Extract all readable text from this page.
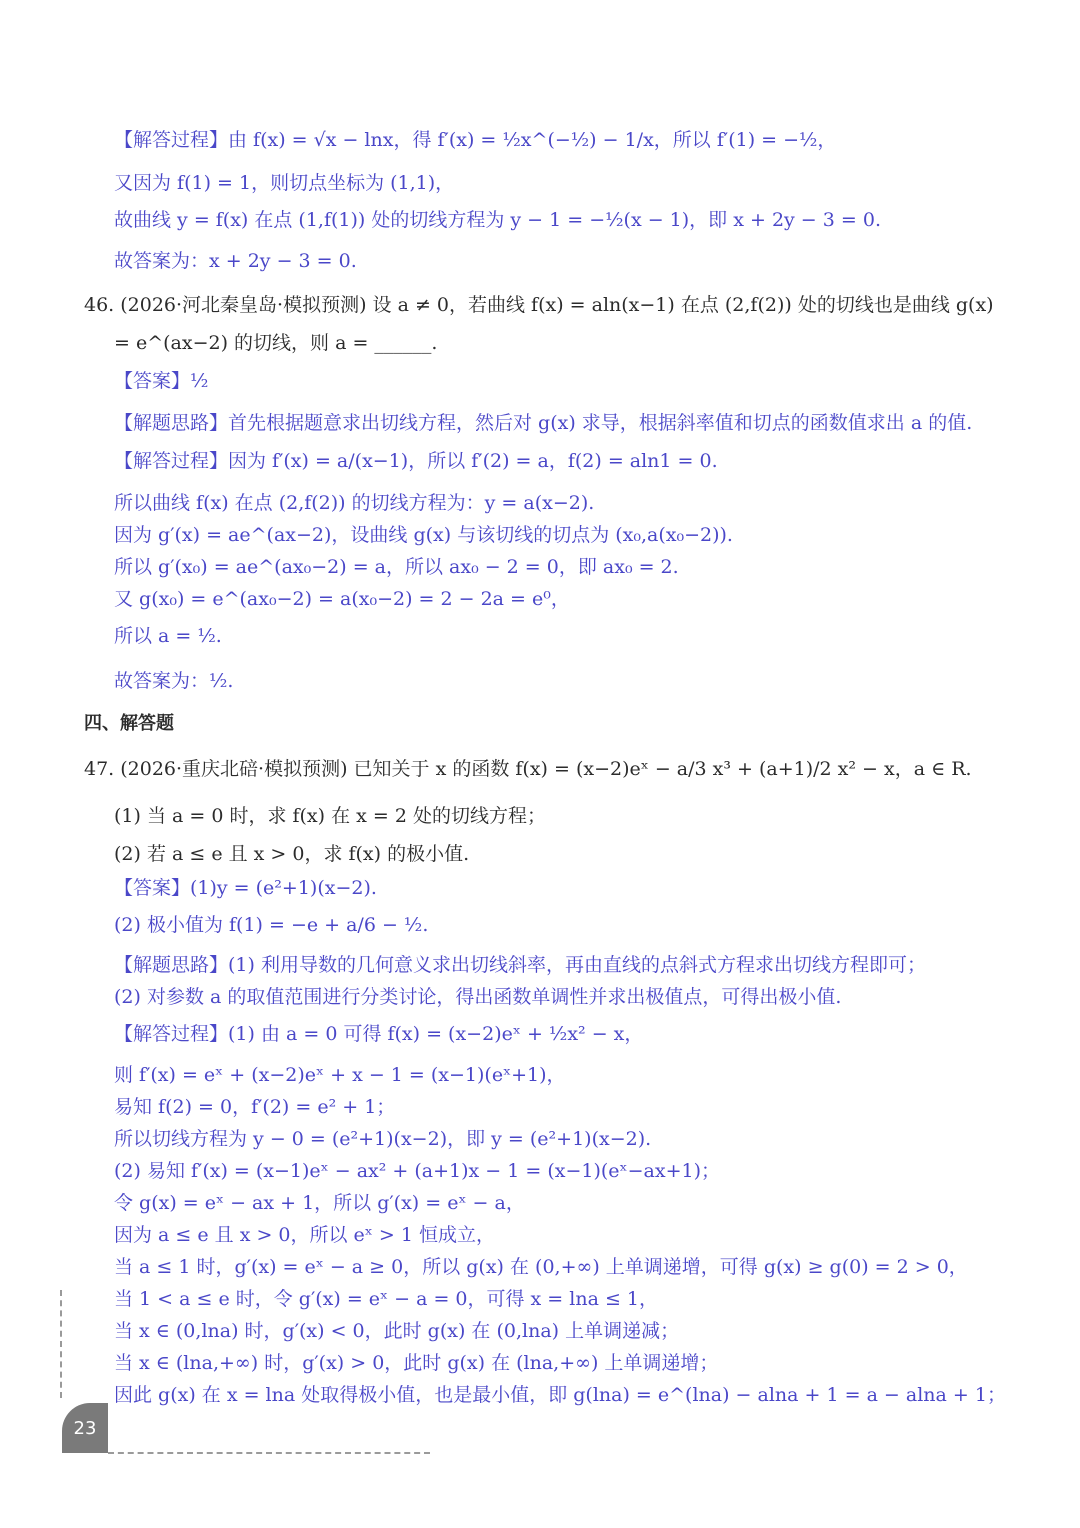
【解答过程】由 f(x) = √x − lnx，得 f′(x) = ½x^(−½) − 1/x，所以 f′(1) = −½，
又因为 f(1) = 1，则切点坐标为 (1,1)，
故曲线 y = f(x) 在点 (1,f(1)) 处的切线方程为 y − 1 = −½(x − 1)，即 x + 2y − 3 = 0.
故答案为：x + 2y − 3 = 0.
46. (2026·河北秦皇岛·模拟预测) 设 a ≠ 0，若曲线 f(x) = aln(x−1) 在点 (2,f(2)) 处的切线也是曲线 g(x)
= e^(ax−2) 的切线，则 a = ______.
【答案】½
【解题思路】首先根据题意求出切线方程，然后对 g(x) 求导，根据斜率值和切点的函数值求出 a 的值.
【解答过程】因为 f′(x) = a/(x−1)，所以 f′(2) = a，f(2) = aln1 = 0.
所以曲线 f(x) 在点 (2,f(2)) 的切线方程为：y = a(x−2).
因为 g′(x) = ae^(ax−2)，设曲线 g(x) 与该切线的切点为 (x₀,a(x₀−2)).
所以 g′(x₀) = ae^(ax₀−2) = a，所以 ax₀ − 2 = 0，即 ax₀ = 2.
又 g(x₀) = e^(ax₀−2) = a(x₀−2) = 2 − 2a = e⁰，
所以 a = ½.
故答案为：½.
四、解答题
47. (2026·重庆北碚·模拟预测) 已知关于 x 的函数 f(x) = (x−2)eˣ − a/3 x³ + (a+1)/2 x² − x，a ∈ R.
(1) 当 a = 0 时，求 f(x) 在 x = 2 处的切线方程；
(2) 若 a ≤ e 且 x > 0，求 f(x) 的极小值.
【答案】(1)y = (e²+1)(x−2).
(2) 极小值为 f(1) = −e + a/6 − ½.
【解题思路】(1) 利用导数的几何意义求出切线斜率，再由直线的点斜式方程求出切线方程即可；
(2) 对参数 a 的取值范围进行分类讨论，得出函数单调性并求出极值点，可得出极小值.
【解答过程】(1) 由 a = 0 可得 f(x) = (x−2)eˣ + ½x² − x，
则 f′(x) = eˣ + (x−2)eˣ + x − 1 = (x−1)(eˣ+1)，
易知 f(2) = 0，f′(2) = e² + 1；
所以切线方程为 y − 0 = (e²+1)(x−2)，即 y = (e²+1)(x−2).
(2) 易知 f′(x) = (x−1)eˣ − ax² + (a+1)x − 1 = (x−1)(eˣ−ax+1)；
令 g(x) = eˣ − ax + 1，所以 g′(x) = eˣ − a，
因为 a ≤ e 且 x > 0，所以 eˣ > 1 恒成立，
当 a ≤ 1 时，g′(x) = eˣ − a ≥ 0，所以 g(x) 在 (0,+∞) 上单调递增，可得 g(x) ≥ g(0) = 2 > 0，
当 1 < a ≤ e 时，令 g′(x) = eˣ − a = 0，可得 x = lna ≤ 1，
当 x ∈ (0,lna) 时，g′(x) < 0，此时 g(x) 在 (0,lna) 上单调递减；
当 x ∈ (lna,+∞) 时，g′(x) > 0，此时 g(x) 在 (lna,+∞) 上单调递增；
因此 g(x) 在 x = lna 处取得极小值，也是最小值，即 g(lna) = e^(lna) − alna + 1 = a − alna + 1；
23
